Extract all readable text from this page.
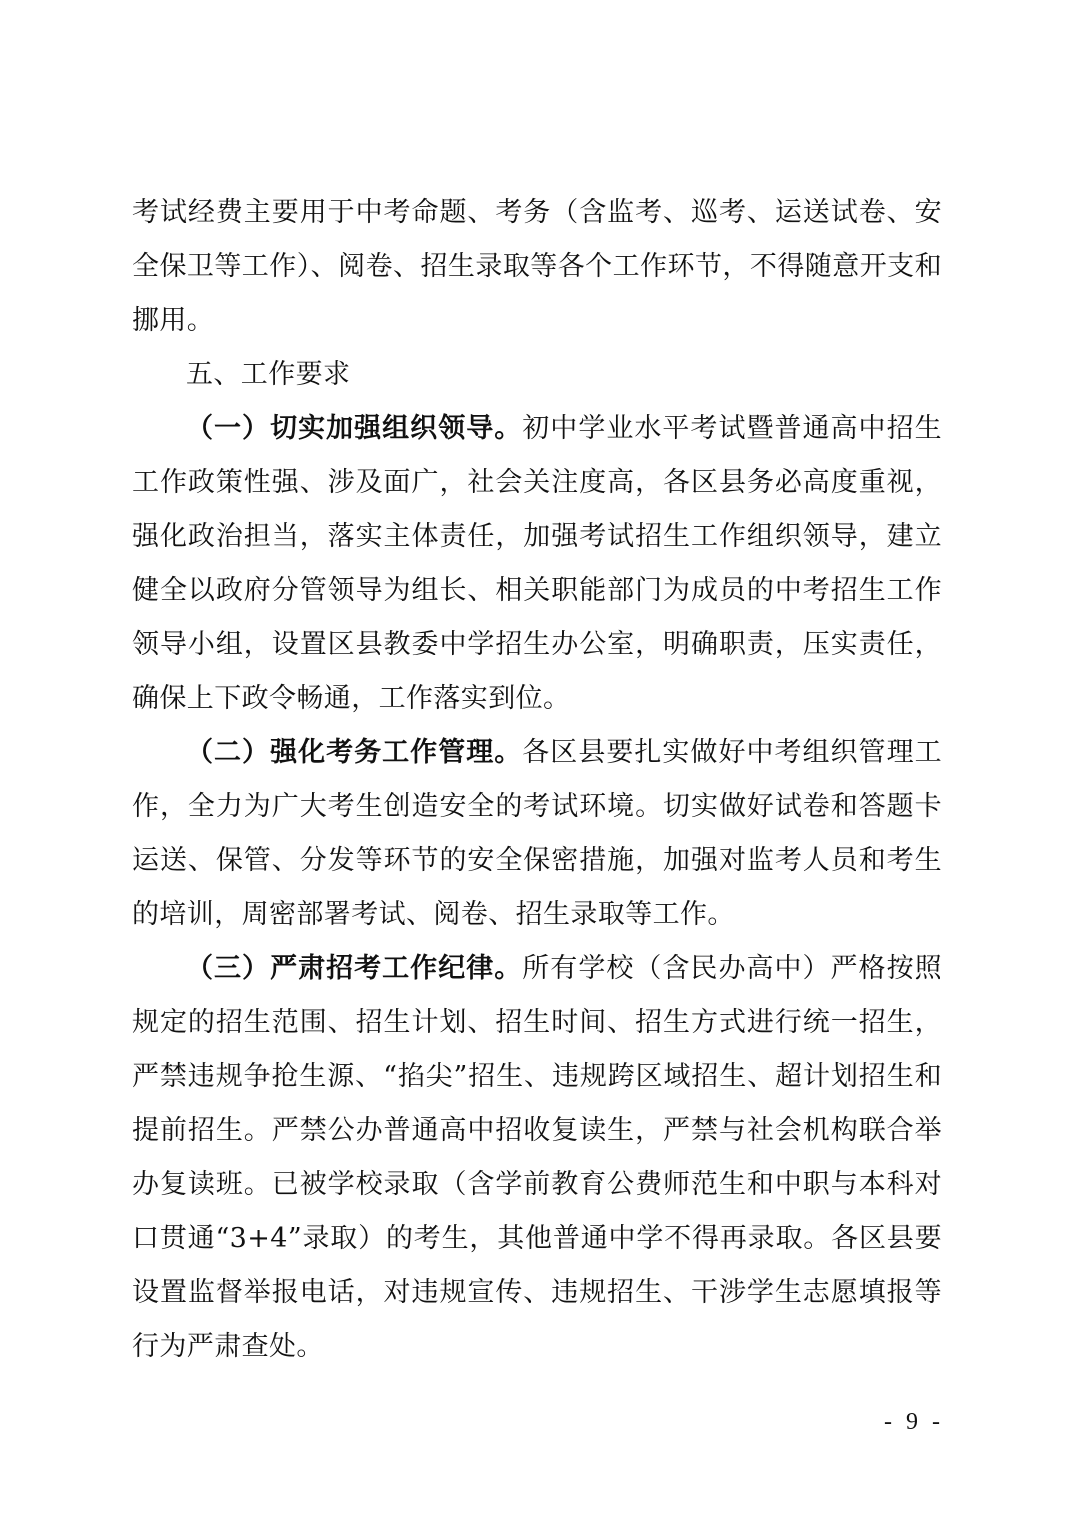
考试经费主要用于中考命题、考务（含监考、巡考、运送试卷、安全保卫等工作）、阅卷、招生录取等各个工作环节，不得随意开支和挪用。

五、工作要求

（一）切实加强组织领导。初中学业水平考试暨普通高中招生工作政策性强、涉及面广，社会关注度高，各区县务必高度重视，强化政治担当，落实主体责任，加强考试招生工作组织领导，建立健全以政府分管领导为组长、相关职能部门为成员的中考招生工作领导小组，设置区县教委中学招生办公室，明确职责，压实责任，确保上下政令畅通，工作落实到位。

（二）强化考务工作管理。各区县要扎实做好中考组织管理工作，全力为广大考生创造安全的考试环境。切实做好试卷和答题卡运送、保管、分发等环节的安全保密措施，加强对监考人员和考生的培训，周密部署考试、阅卷、招生录取等工作。

（三）严肃招考工作纪律。所有学校（含民办高中）严格按照规定的招生范围、招生计划、招生时间、招生方式进行统一招生，严禁违规争抢生源、“掐尖”招生、违规跨区域招生、超计划招生和提前招生。严禁公办普通高中招收复读生，严禁与社会机构联合举办复读班。已被学校录取（含学前教育公费师范生和中职与本科对口贯通“3+4”录取）的考生，其他普通中学不得再录取。各区县要设置监督举报电话，对违规宣传、违规招生、干涉学生志愿填报等行为严肃查处。

- 9 -
